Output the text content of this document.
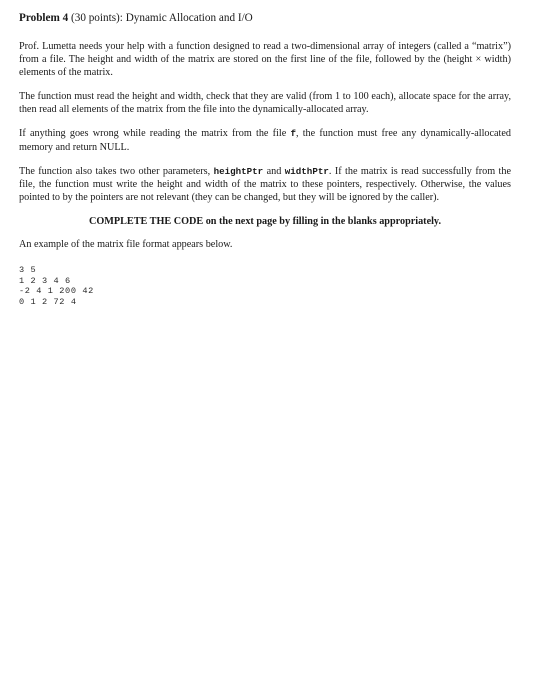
Problem 4 (30 points): Dynamic Allocation and I/O

Prof. Lumetta needs your help with a function designed to read a two-dimensional array of integers (called a “matrix”) from a file. The height and width of the matrix are stored on the first line of the file, followed by the (height × width) elements of the matrix.

The function must read the height and width, check that they are valid (from 1 to 100 each), allocate space for the array, then read all elements of the matrix from the file into the dynamically-allocated array.

If anything goes wrong while reading the matrix from the file f, the function must free any dynamically-allocated memory and return NULL.

The function also takes two other parameters, heightPtr and widthPtr. If the matrix is read successfully from the file, the function must write the height and width of the matrix to these pointers, respectively. Otherwise, the values pointed to by the pointers are not relevant (they can be changed, but they will be ignored by the caller).

COMPLETE THE CODE on the next page by filling in the blanks appropriately.
An example of the matrix file format appears below.
3 5
1 2 3 4 6
-2 4 1 200 42
0 1 2 72 4
